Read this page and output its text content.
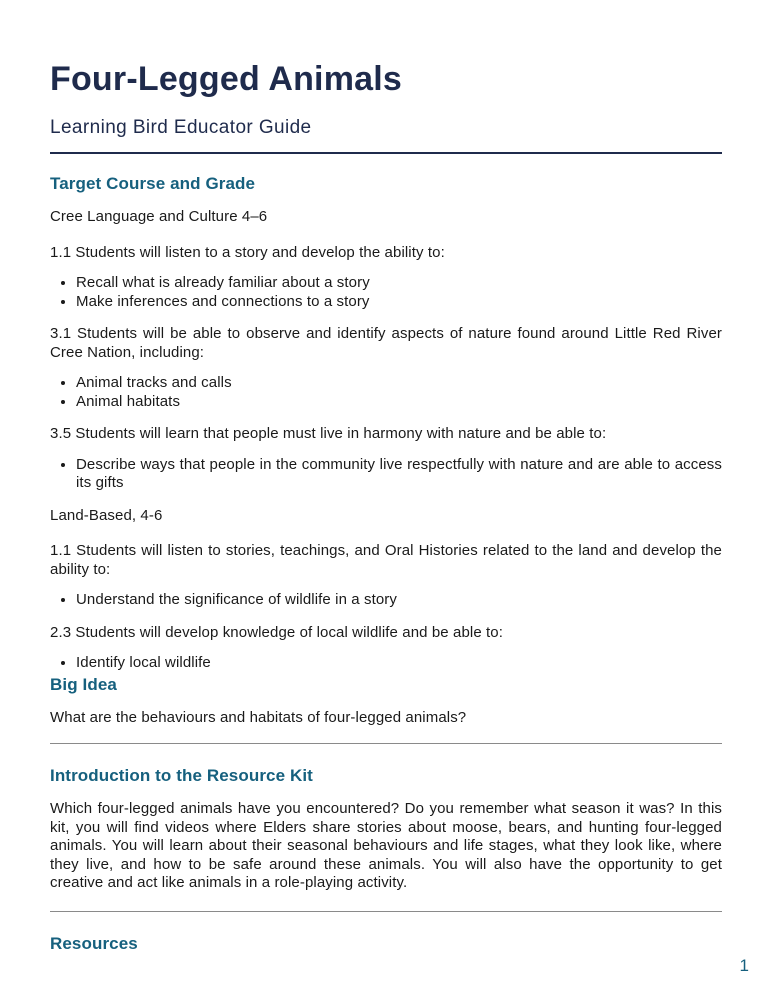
Four-Legged Animals

Learning Bird Educator Guide

Target Course and Grade

Cree Language and Culture 4–6

1.1 Students will listen to a story and develop the ability to:

• Recall what is already familiar about a story
• Make inferences and connections to a story

3.1 Students will be able to observe and identify aspects of nature found around Little Red River Cree Nation, including:

• Animal tracks and calls
• Animal habitats

3.5 Students will learn that people must live in harmony with nature and be able to:

• Describe ways that people in the community live respectfully with nature and are able to access its gifts

Land-Based, 4-6

1.1 Students will listen to stories, teachings, and Oral Histories related to the land and develop the ability to:

• Understand the significance of wildlife in a story

2.3 Students will develop knowledge of local wildlife and be able to:

• Identify local wildlife
Big Idea

What are the behaviours and habitats of four-legged animals?

Introduction to the Resource Kit

Which four-legged animals have you encountered? Do you remember what season it was? In this kit, you will find videos where Elders share stories about moose, bears, and hunting four-legged animals. You will learn about their seasonal behaviours and life stages, what they look like, where they live, and how to be safe around these animals. You will also have the opportunity to get creative and act like animals in a role-playing activity.

Resources
1
